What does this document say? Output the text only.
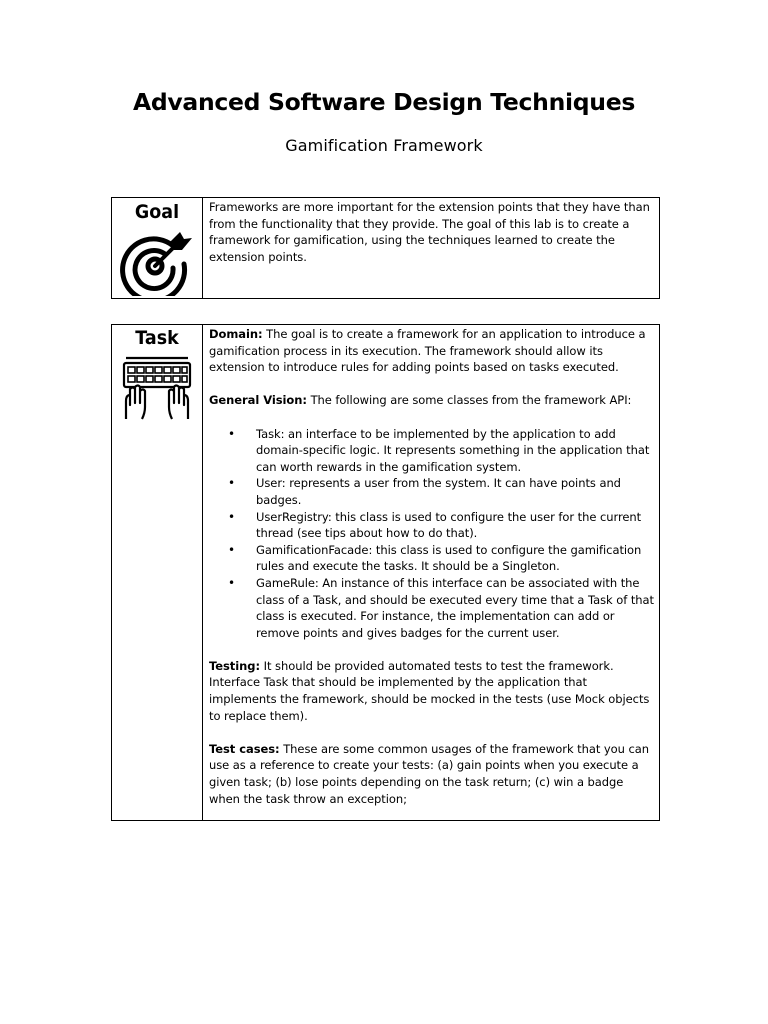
Advanced Software Design Techniques
Gamification Framework
Goal	Frameworks are more important for the extension points that they have than from the functionality that they provide. The goal of this lab is to create a framework for gamification, using the techniques learned to create the extension points.

Task	Domain: The goal is to create a framework for an application to introduce a gamification process in its execution. The framework should allow its extension to introduce rules for adding points based on tasks executed.

General Vision: The following are some classes from the framework API:

• Task: an interface to be implemented by the application to add domain-specific logic. It represents something in the application that can worth rewards in the gamification system.
• User: represents a user from the system. It can have points and badges.
• UserRegistry: this class is used to configure the user for the current thread (see tips about how to do that).
• GamificationFacade: this class is used to configure the gamification rules and execute the tasks. It should be a Singleton.
• GameRule: An instance of this interface can be associated with the class of a Task, and should be executed every time that a Task of that class is executed. For instance, the implementation can add or remove points and gives badges for the current user.

Testing: It should be provided automated tests to test the framework. Interface Task that should be implemented by the application that implements the framework, should be mocked in the tests (use Mock objects to replace them).

Test cases: These are some common usages of the framework that you can use as a reference to create your tests: (a) gain points when you execute a given task; (b) lose points depending on the task return; (c) win a badge when the task throw an exception;
